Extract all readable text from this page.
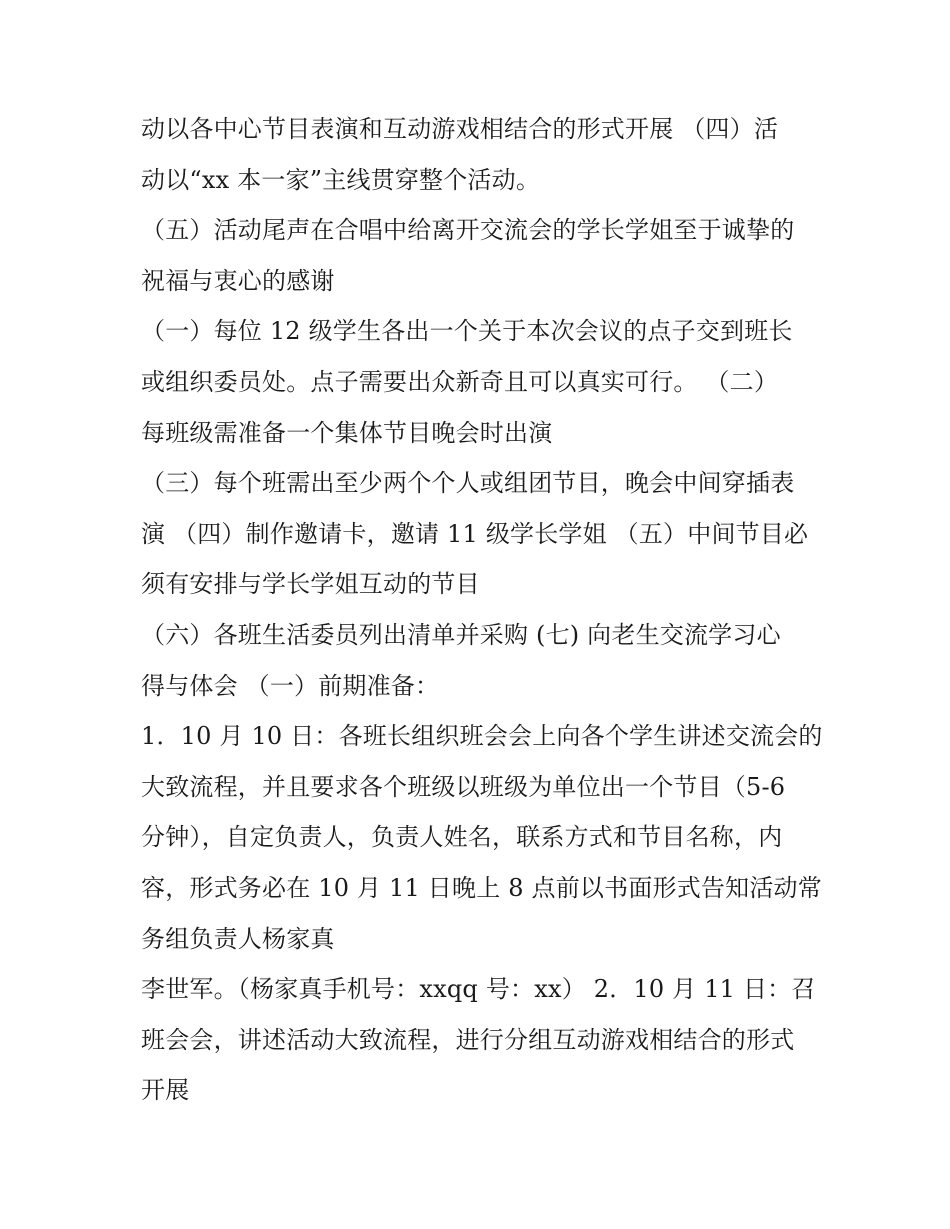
动以各中心节目表演和互动游戏相结合的形式开展 （四）活
动以“xx 本一家”主线贯穿整个活动。
（五）活动尾声在合唱中给离开交流会的学长学姐至于诚挚的
祝福与衷心的感谢
（一）每位 12 级学生各出一个关于本次会议的点子交到班长
或组织委员处。点子需要出众新奇且可以真实可行。 （二）
每班级需准备一个集体节目晚会时出演
（三）每个班需出至少两个个人或组团节目，晚会中间穿插表
演 （四）制作邀请卡，邀请 11 级学长学姐 （五）中间节目必
须有安排与学长学姐互动的节目
（六）各班生活委员列出清单并采购 (七) 向老生交流学习心
得与体会 （一）前期准备：
1．10 月 10 日：各班长组织班会会上向各个学生讲述交流会的
大致流程，并且要求各个班级以班级为单位出一个节目（5-6
分钟），自定负责人，负责人姓名，联系方式和节目名称，内
容，形式务必在 10 月 11 日晚上 8 点前以书面形式告知活动常
务组负责人杨家真
李世军。（杨家真手机号：xxqq 号：xx） 2．10 月 11 日：召
班会会，讲述活动大致流程，进行分组互动游戏相结合的形式
开展
